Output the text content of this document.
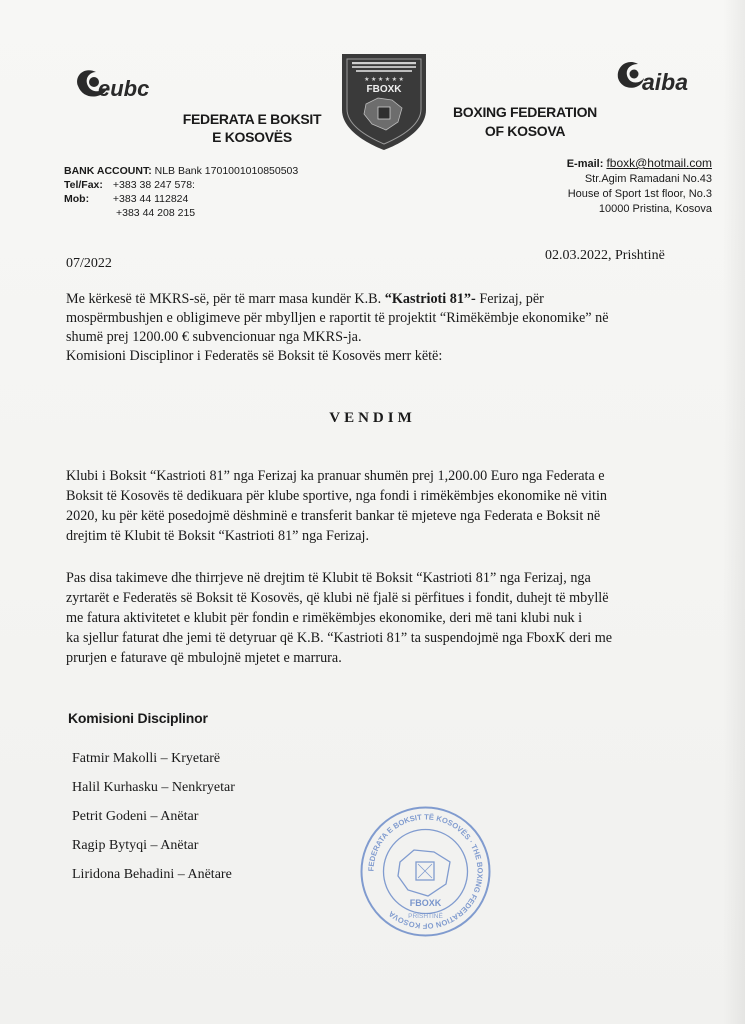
eubc	aiba
★ ★ ★ ★ ★ ★
FBOXK
FEDERATA E BOKSIT
E KOSOVËS
BOXING FEDERATION
OF KOSOVA
BANK ACCOUNT: NLB Bank 1701001010850503
Tel/Fax: +383 38 247 578:
Mob: +383 44 112824
+383 44 208 215
E-mail: fboxk@hotmail.com
Str.Agim Ramadani No.43
House of Sport 1st floor, No.3
10000 Pristina, Kosova
07/2022
02.03.2022, Prishtinë
Me kërkesë të MKRS-së, për të marr masa kundër K.B. “Kastrioti 81”- Ferizaj, për
mospërmbushjen e obligimeve për mbylljen e raportit të projektit “Rimëkëmbje ekonomike” në
shumë prej 1200.00 € subvencionuar nga MKRS-ja.
Komisioni Disciplinor i Federatës së Boksit të Kosovës merr këtë:
VENDIM
Klubi i Boksit “Kastrioti 81” nga Ferizaj ka pranuar shumën prej 1,200.00 Euro nga Federata e
Boksit të Kosovës të dedikuara për klube sportive, nga fondi i rimëkëmbjes ekonomike në vitin
2020, ku për këtë posedojmë dëshminë e transferit bankar të mjeteve nga Federata e Boksit në
drejtim të Klubit të Boksit “Kastrioti 81” nga Ferizaj.
Pas disa takimeve dhe thirrjeve në drejtim të Klubit të Boksit “Kastrioti 81” nga Ferizaj, nga
zyrtarët e Federatës së Boksit të Kosovës, që klubi në fjalë si përfitues i fondit, duhejt të mbyllë
me fatura aktivitetet e klubit për fondin e rimëkëmbjes ekonomike, deri më tani klubi nuk i
ka sjellur faturat dhe jemi të detyruar që K.B. “Kastrioti 81” ta suspendojmë nga FboxK deri me
prurjen e faturave që mbulojnë mjetet e marrura.
Komisioni Disciplinor
Fatmir Makolli – Kryetarë
Halil Kurhasku – Nenkryetar
Petrit Godeni – Anëtar
Ragip Bytyqi – Anëtar
Liridona Behadini – Anëtare	FEDERATA E BOKSIT TË KOSOVËS · THE BOXING FEDERATION OF KOSOVA
FBOXK
PRISHTINË
